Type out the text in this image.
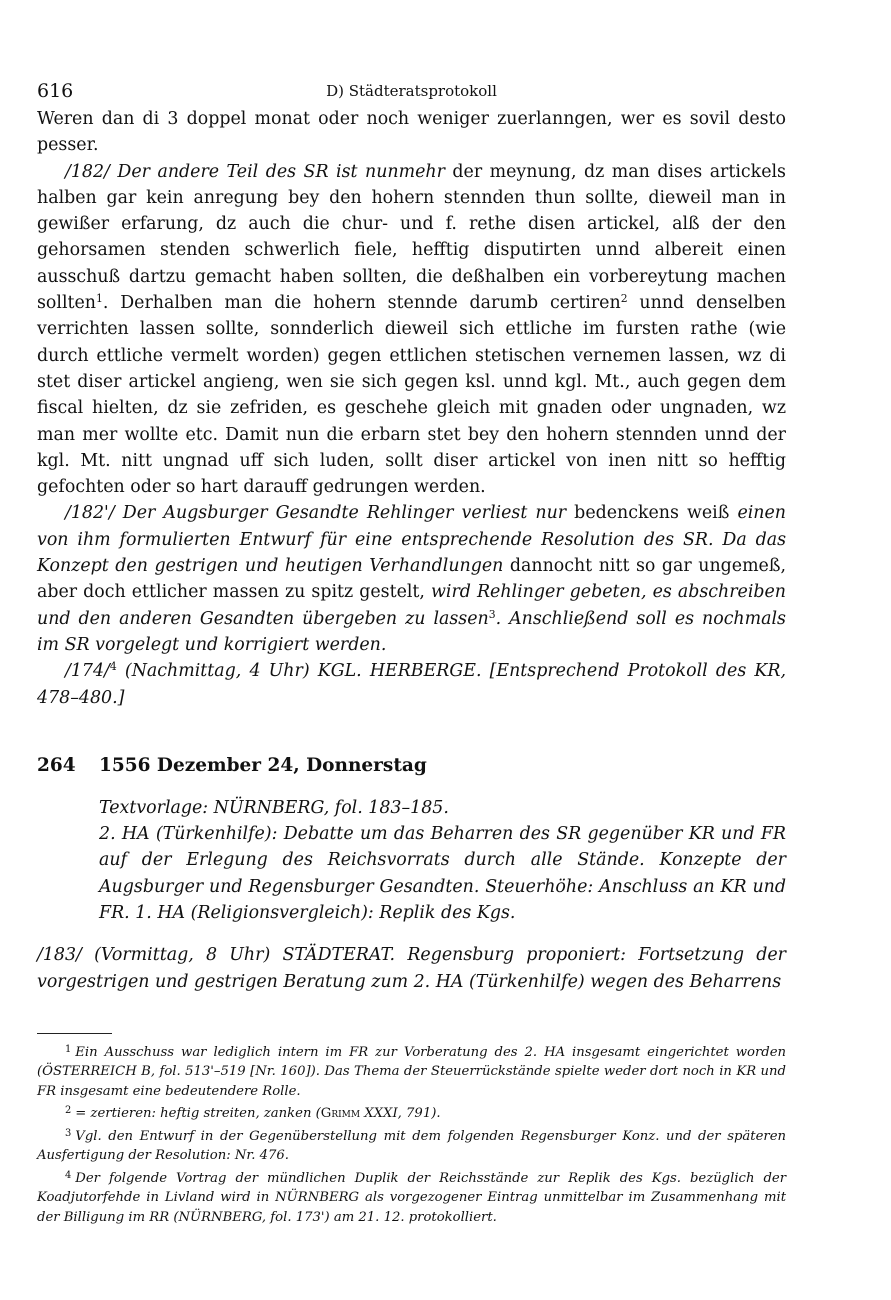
616	D) Städteratsprotokoll

Weren dan di 3 doppel monat oder noch weniger zuerlanngen, wer es sovil desto pesser.

/182/ Der andere Teil des SR ist nunmehr der meynung, dz man dises artickels halben gar kein anregung bey den hohern stennden thun sollte, dieweil man in gewißer erfarung, dz auch die chur- und f. rethe disen artickel, alß der den gehorsamen stenden schwerlich fiele, hefftig disputirten unnd albereit einen ausschuß dartzu gemacht haben sollten, die deßhalben ein vorbereytung machen sollten$^1$. Derhalben man die hohern stennde darumb certiren$^2$ unnd denselben verrichten lassen sollte, sonnderlich dieweil sich ettliche im fursten rathe (wie durch ettliche vermelt worden) gegen ettlichen stetischen vernemen lassen, wz di stet diser artickel angieng, wen sie sich gegen ksl. unnd kgl. Mt., auch gegen dem fiscal hielten, dz sie zefriden, es geschehe gleich mit gnaden oder ungnaden, wz man mer wollte etc. Damit nun die erbarn stet bey den hohern stennden unnd der kgl. Mt. nitt ungnad uff sich luden, sollt diser artickel von inen nitt so hefftig gefochten oder so hart darauff gedrungen werden.

/182'/ Der Augsburger Gesandte Rehlinger verliest nur bedenckens weiß einen von ihm formulierten Entwurf für eine entsprechende Resolution des SR. Da das Konzept den gestrigen und heutigen Verhandlungen dannocht nitt so gar ungemeß, aber doch ettlicher massen zu spitz gestelt, wird Rehlinger gebeten, es abschreiben und den anderen Gesandten übergeben zu lassen$^3$. Anschließend soll es nochmals im SR vorgelegt und korrigiert werden.

/174/$^4$ (Nachmittag, 4 Uhr) KGL. HERBERGE. [Entsprechend Protokoll des KR, 478–480.]

264 1556 Dezember 24, Donnerstag

Textvorlage: NÜRNBERG, fol. 183–185.

2. HA (Türkenhilfe): Debatte um das Beharren des SR gegenüber KR und FR auf der Erlegung des Reichsvorrats durch alle Stände. Konzepte der Augsburger und Regensburger Gesandten. Steuerhöhe: Anschluss an KR und FR. 1. HA (Religionsvergleich): Replik des Kgs.

/183/ (Vormittag, 8 Uhr) STÄDTERAT. Regensburg proponiert: Fortsetzung der vorgestrigen und gestrigen Beratung zum 2. HA (Türkenhilfe) wegen des Beharrens

$^1$ Ein Ausschuss war lediglich intern im FR zur Vorberatung des 2. HA insgesamt eingerichtet worden (ÖSTERREICH B, fol. 513'–519 [Nr. 160]). Das Thema der Steuerrückstände spielte weder dort noch in KR und FR insgesamt eine bedeutendere Rolle.

$^2$ = zertieren: heftig streiten, zanken (Grimm XXXI, 791).

$^3$ Vgl. den Entwurf in der Gegenüberstellung mit dem folgenden Regensburger Konz. und der späteren Ausfertigung der Resolution: Nr. 476.

$^4$ Der folgende Vortrag der mündlichen Duplik der Reichsstände zur Replik des Kgs. bezüglich der Koadjutorfehde in Livland wird in NÜRNBERG als vorgezogener Eintrag unmittelbar im Zusammenhang mit der Billigung im RR (NÜRNBERG, fol. 173') am 21. 12. protokolliert.
